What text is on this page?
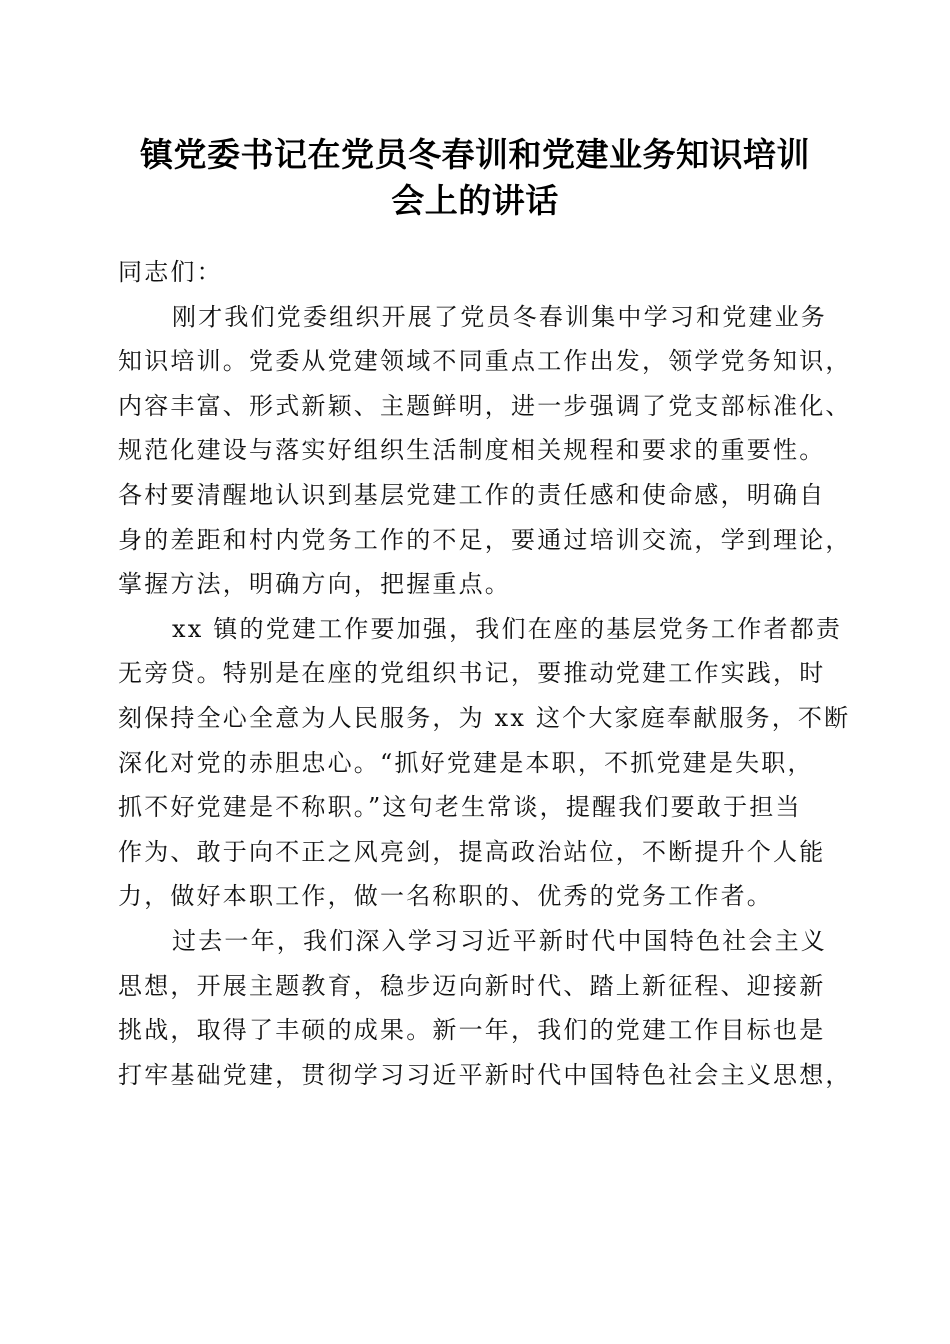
镇党委书记在党员冬春训和党建业务知识培训
会上的讲话
同志们：
刚才我们党委组织开展了党员冬春训集中学习和党建业务
知识培训。党委从党建领域不同重点工作出发，领学党务知识，
内容丰富、形式新颖、主题鲜明，进一步强调了党支部标准化、
规范化建设与落实好组织生活制度相关规程和要求的重要性。
各村要清醒地认识到基层党建工作的责任感和使命感，明确自
身的差距和村内党务工作的不足，要通过培训交流，学到理论，
掌握方法，明确方向，把握重点。
xx 镇的党建工作要加强，我们在座的基层党务工作者都责
无旁贷。特别是在座的党组织书记，要推动党建工作实践，时
刻保持全心全意为人民服务，为 xx 这个大家庭奉献服务，不断
深化对党的赤胆忠心。“抓好党建是本职，不抓党建是失职，
抓不好党建是不称职。”这句老生常谈，提醒我们要敢于担当
作为、敢于向不正之风亮剑，提高政治站位，不断提升个人能
力，做好本职工作，做一名称职的、优秀的党务工作者。
过去一年，我们深入学习习近平新时代中国特色社会主义
思想，开展主题教育，稳步迈向新时代、踏上新征程、迎接新
挑战，取得了丰硕的成果。新一年，我们的党建工作目标也是
打牢基础党建，贯彻学习习近平新时代中国特色社会主义思想，
